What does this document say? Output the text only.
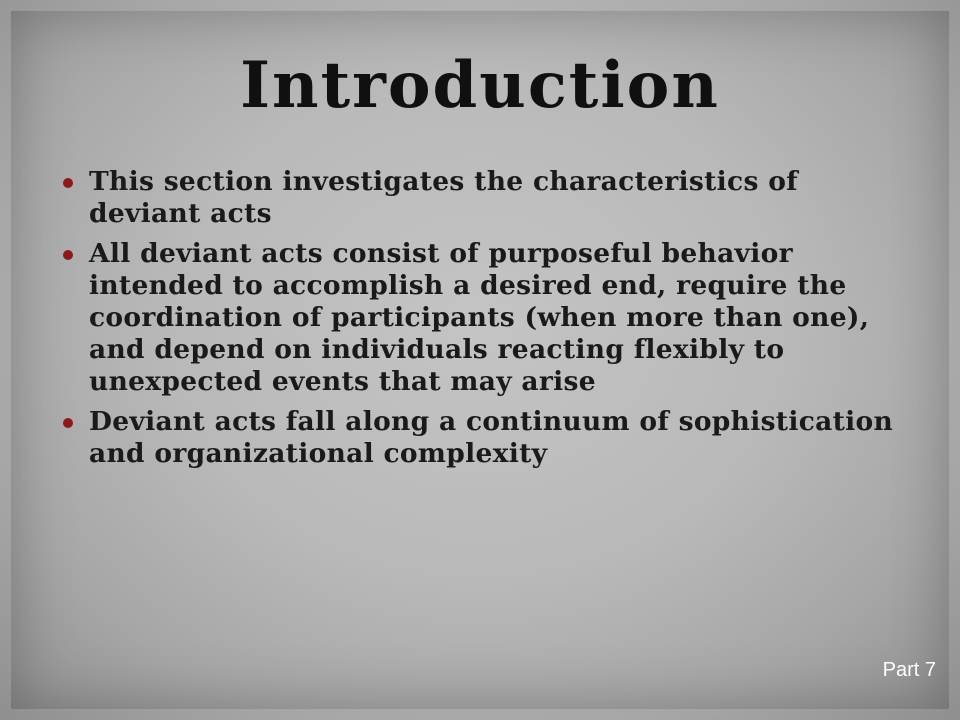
Introduction
This section investigates the characteristics of deviant acts
All deviant acts consist of purposeful behavior intended to accomplish a desired end, require the coordination of participants (when more than one), and depend on individuals reacting flexibly to unexpected events that may arise
Deviant acts fall along a continuum of sophistication and organizational complexity
Part 7
